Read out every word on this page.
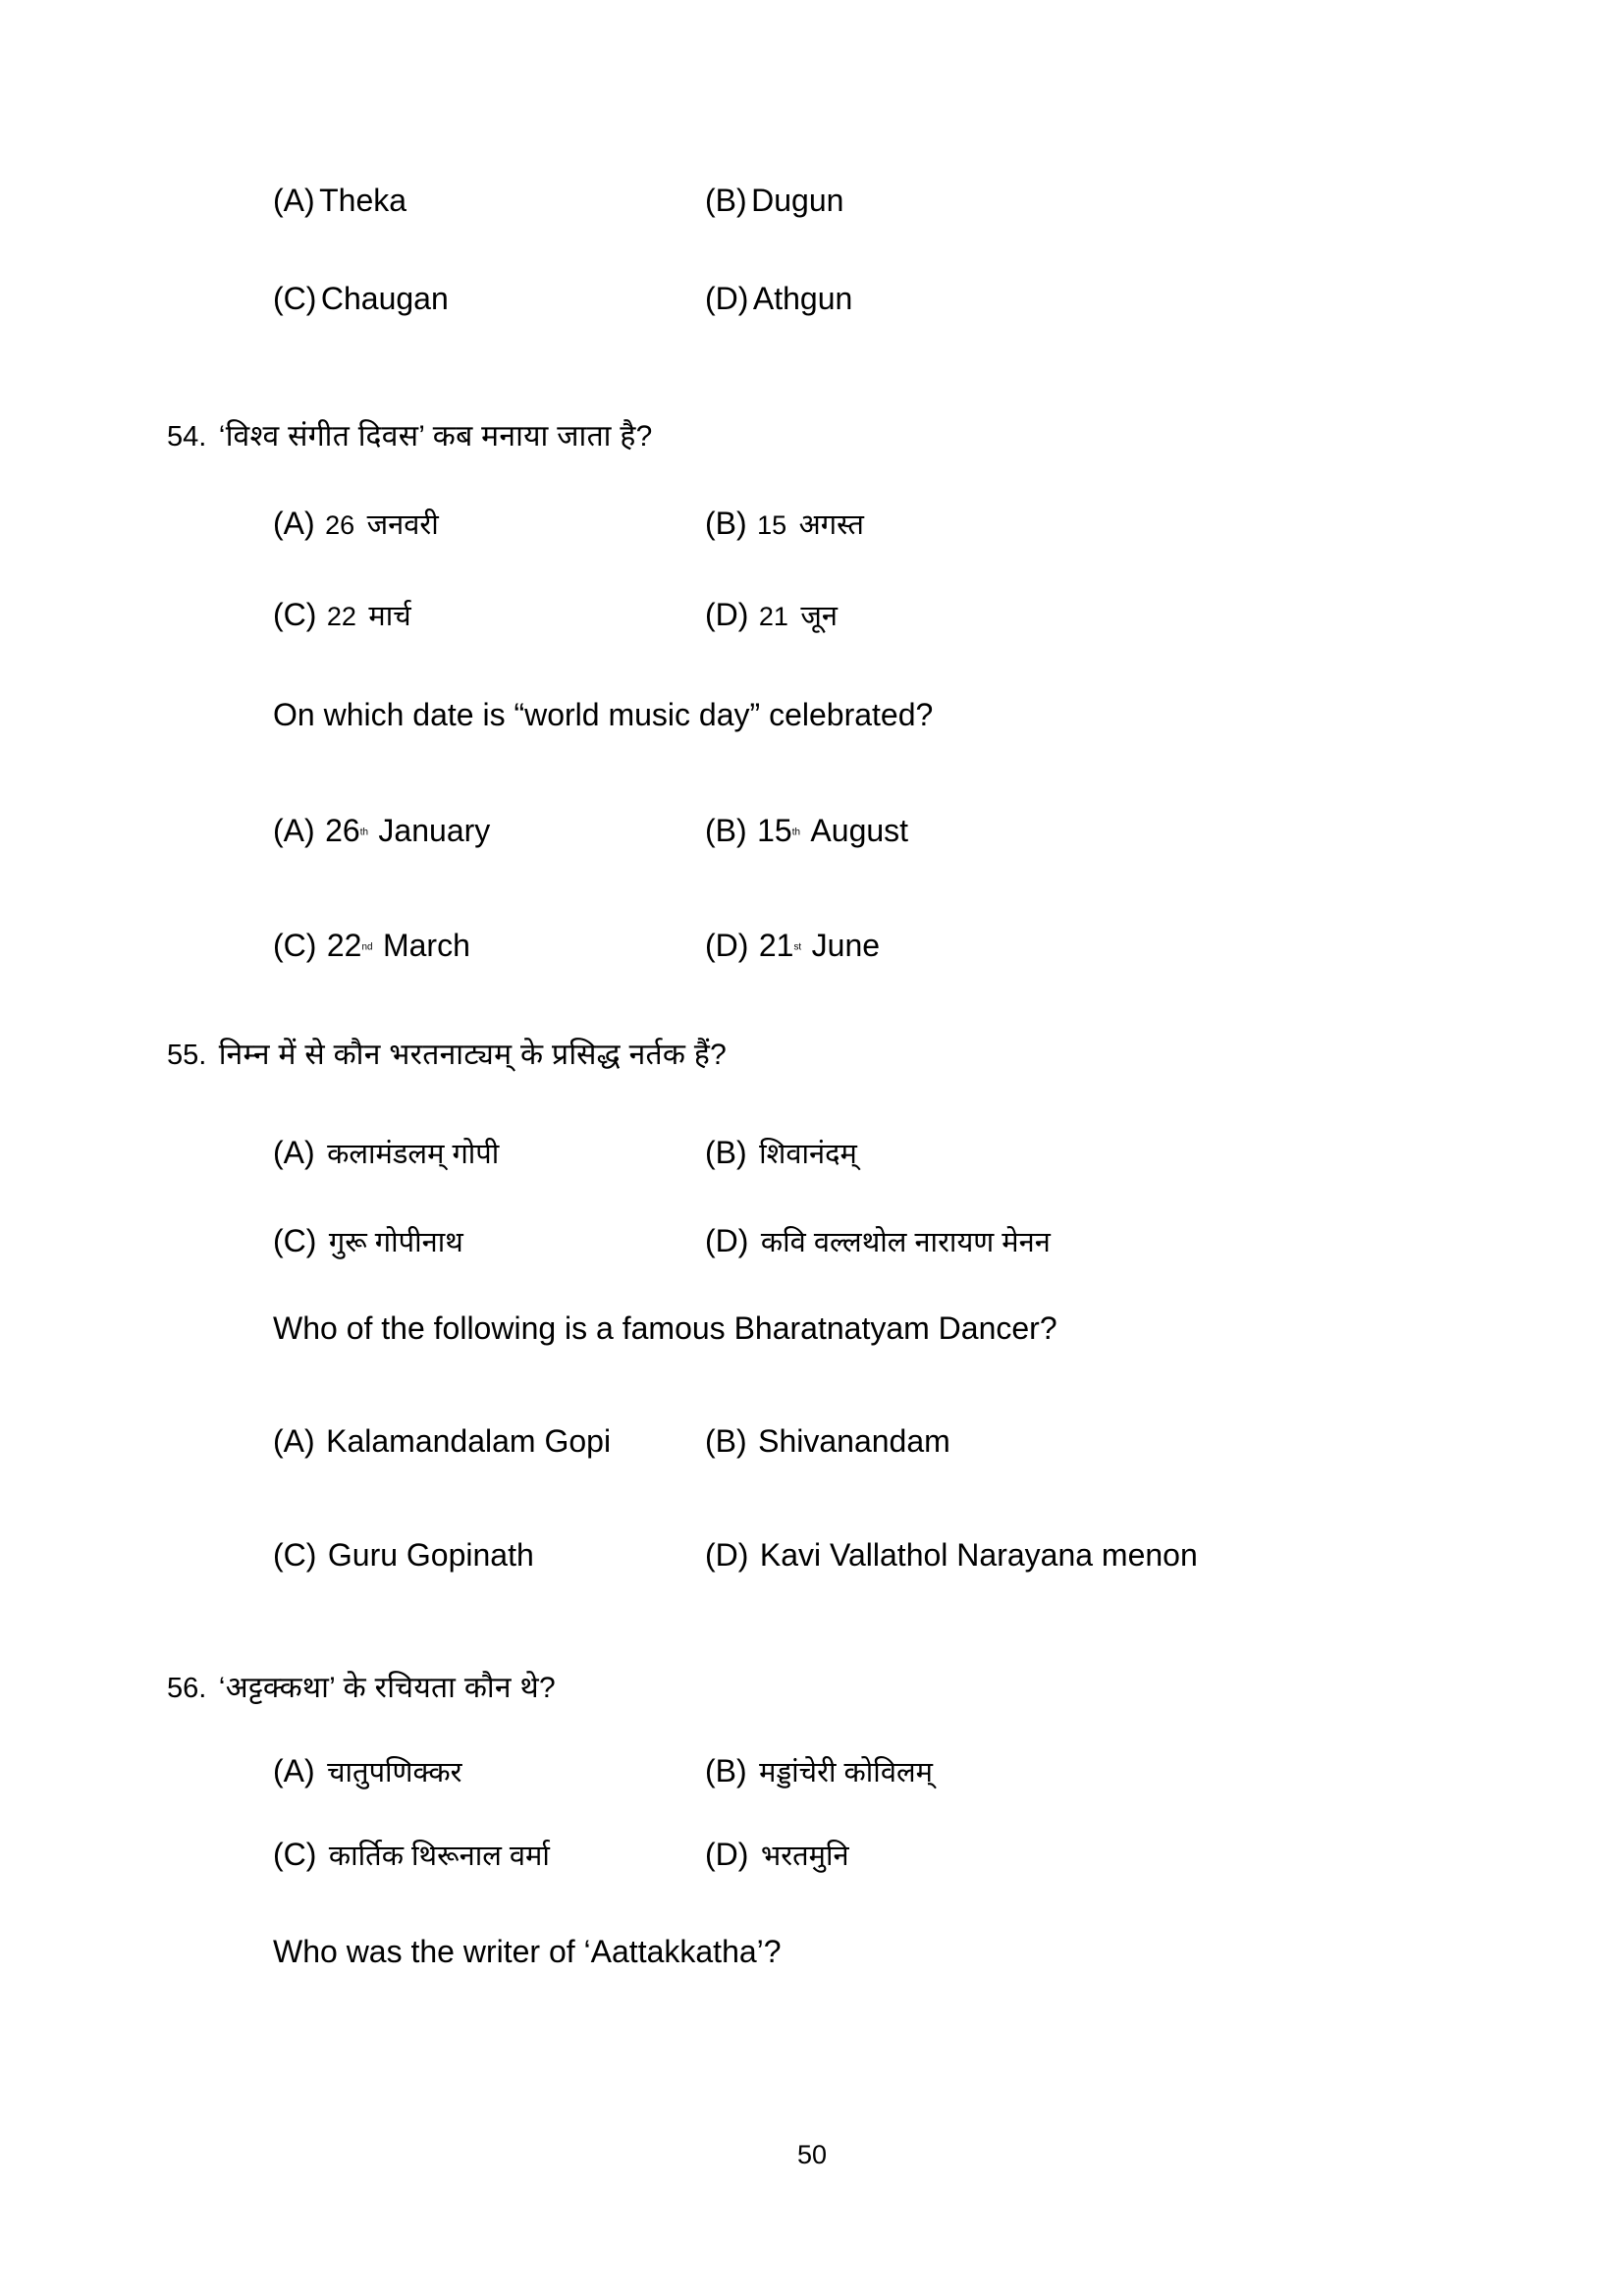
(A) Theka	(B) Dugun
(C) Chaugan	(D) Athgun
54. ‘विश्व संगीत दिवस’ कब मनाया जाता है?
(A) 26 जनवरी	(B) 15 अगस्त
(C) 22 मार्च	(D) 21 जून
On which date is “world music day” celebrated?
(A) 26th January	(B) 15th August
(C) 22nd March	(D) 21st June
55. निम्न में से कौन भरतनाट्यम् के प्रसिद्ध नर्तक हैं?
(A) कलामंडलम् गोपी	(B) शिवानंदम्
(C) गुरू गोपीनाथ	(D) कवि वल्लथोल नारायण मेनन
Who of the following is a famous Bharatnatyam Dancer?
(A) Kalamandalam Gopi	(B) Shivanandam
(C) Guru Gopinath	(D) Kavi Vallathol Narayana menon
56. ‘अट्टक्कथा’ के रचियता कौन थे?
(A) चातुपणिक्कर	(B) मड्डांचेरी कोविलम्
(C) कार्तिक थिरूनाल वर्मा	(D) भरतमुनि
Who was the writer of ‘Aattakkatha’?
50
